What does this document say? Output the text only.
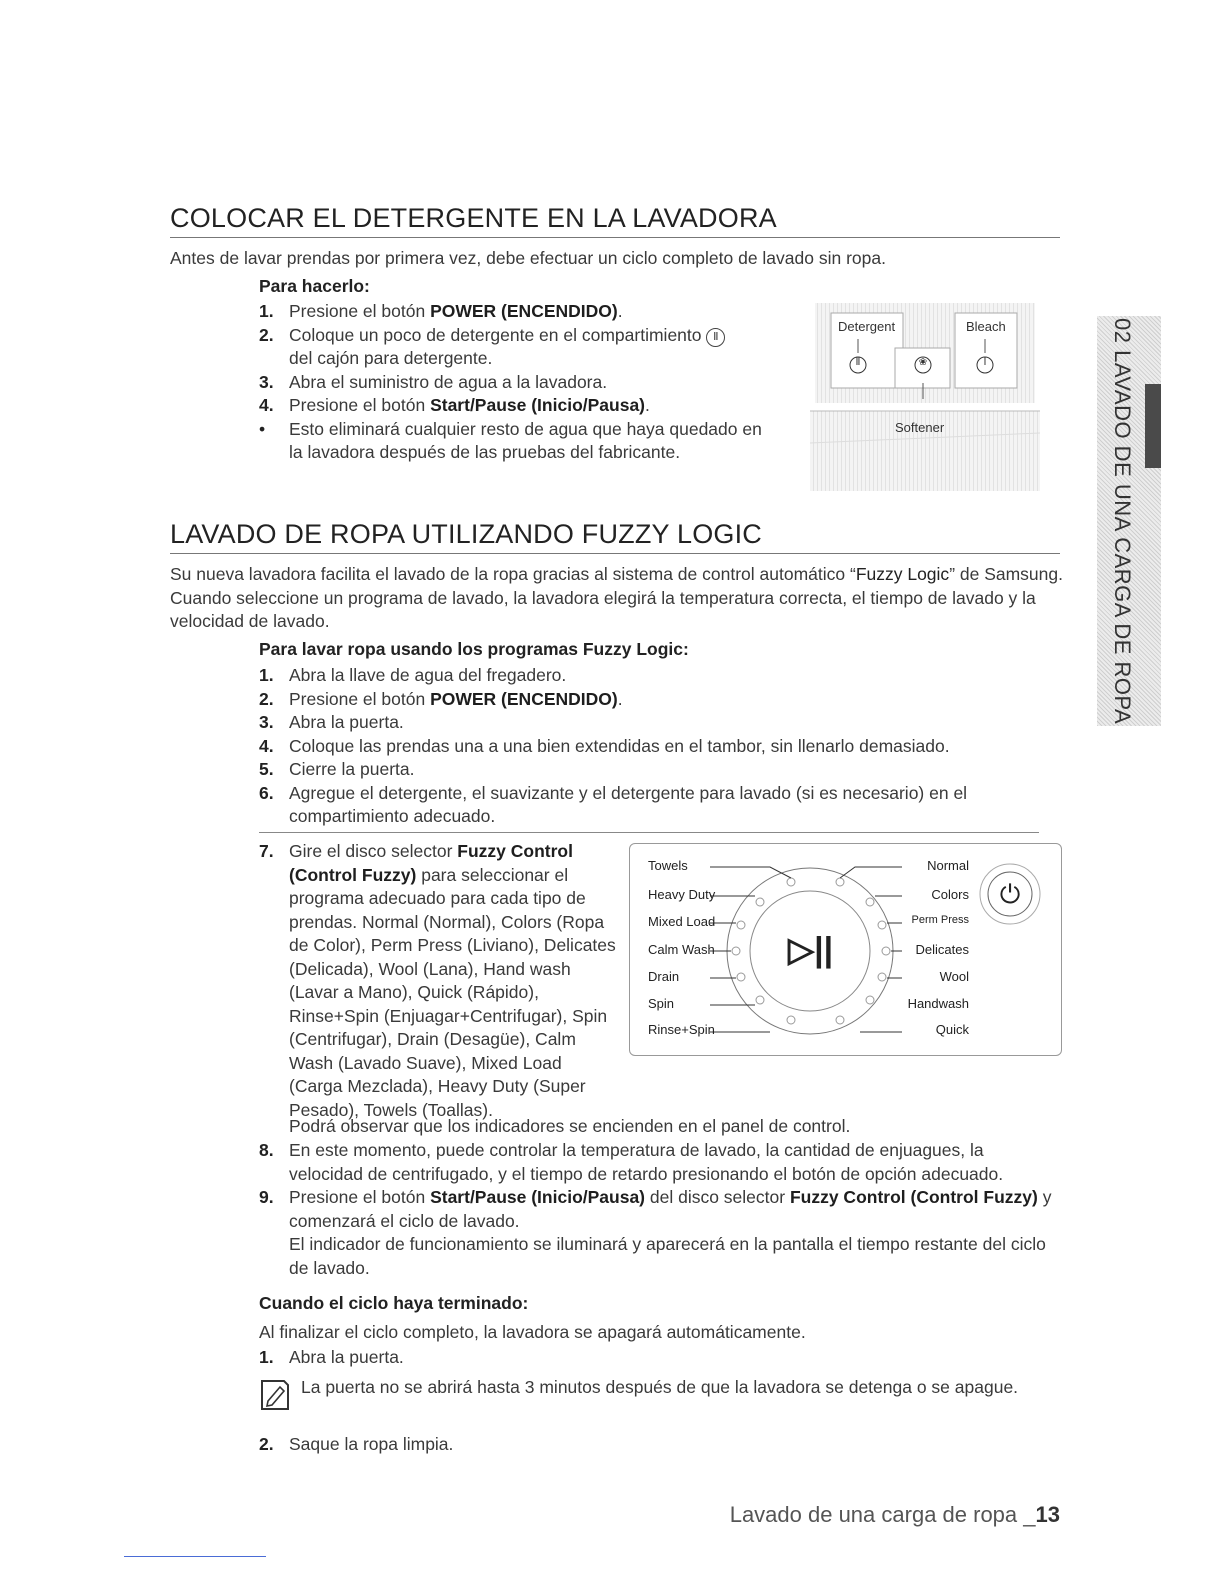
COLOCAR EL DETERGENTE EN LA LAVADORA
Antes de lavar prendas por primera vez, debe efectuar un ciclo completo de lavado sin ropa.
Para hacerlo:
1. Presione el botón POWER (ENCENDIDO).
2. Coloque un poco de detergente en el compartimiento Ⅱ
del cajón para detergente.
3. Abra el suministro de agua a la lavadora.
4. Presione el botón Start/Pause (Inicio/Pausa).
• Esto eliminará cualquier resto de agua que haya quedado en la lavadora después de las pruebas del fabricante.
Detergent	Bleach
Softener
Ⅱ	❀	Ⅰ
LAVADO DE ROPA UTILIZANDO FUZZY LOGIC
Su nueva lavadora facilita el lavado de la ropa gracias al sistema de control automático “Fuzzy Logic” de Samsung. Cuando seleccione un programa de lavado, la lavadora elegirá la temperatura correcta, el tiempo de lavado y la velocidad de lavado.
Para lavar ropa usando los programas Fuzzy Logic:
1. Abra la llave de agua del fregadero.
2. Presione el botón POWER (ENCENDIDO).
3. Abra la puerta.
4. Coloque las prendas una a una bien extendidas en el tambor, sin llenarlo demasiado.
5. Cierre la puerta.
6. Agregue el detergente, el suavizante y el detergente para lavado (si es necesario) en el compartimiento adecuado.
7. Gire el disco selector Fuzzy Control (Control Fuzzy) para seleccionar el programa adecuado para cada tipo de prendas. Normal (Normal), Colors (Ropa de Color), Perm Press (Liviano), Delicates (Delicada), Wool (Lana), Hand wash (Lavar a Mano), Quick (Rápido), Rinse+Spin (Enjuagar+Centrifugar), Spin (Centrifugar), Drain (Desagüe), Calm Wash (Lavado Suave), Mixed Load (Carga Mezclada), Heavy Duty (Super Pesado), Towels (Toallas).
Podrá observar que los indicadores se encienden en el panel de control.
8. En este momento, puede controlar la temperatura de lavado, la cantidad de enjuagues, la velocidad de centrifugado, y el tiempo de retardo presionando el botón de opción adecuado.
9. Presione el botón Start/Pause (Inicio/Pausa) del disco selector Fuzzy Control (Control Fuzzy) y comenzará el ciclo de lavado.
El indicador de funcionamiento se iluminará y aparecerá en la pantalla el tiempo restante del ciclo de lavado.
Towels
Heavy Duty
Mixed Load
Calm Wash
Drain
Spin
Rinse+Spin
Normal
Colors
Perm Press
Delicates
Wool
Handwash
Quick
▷||
⏻
Cuando el ciclo haya terminado:
Al finalizar el ciclo completo, la lavadora se apagará automáticamente.
1. Abra la puerta.
La puerta no se abrirá hasta 3 minutos después de que la lavadora se detenga o se apague.
2. Saque la ropa limpia.
02 LAVADO DE UNA CARGA DE ROPA
Lavado de una carga de ropa _13
